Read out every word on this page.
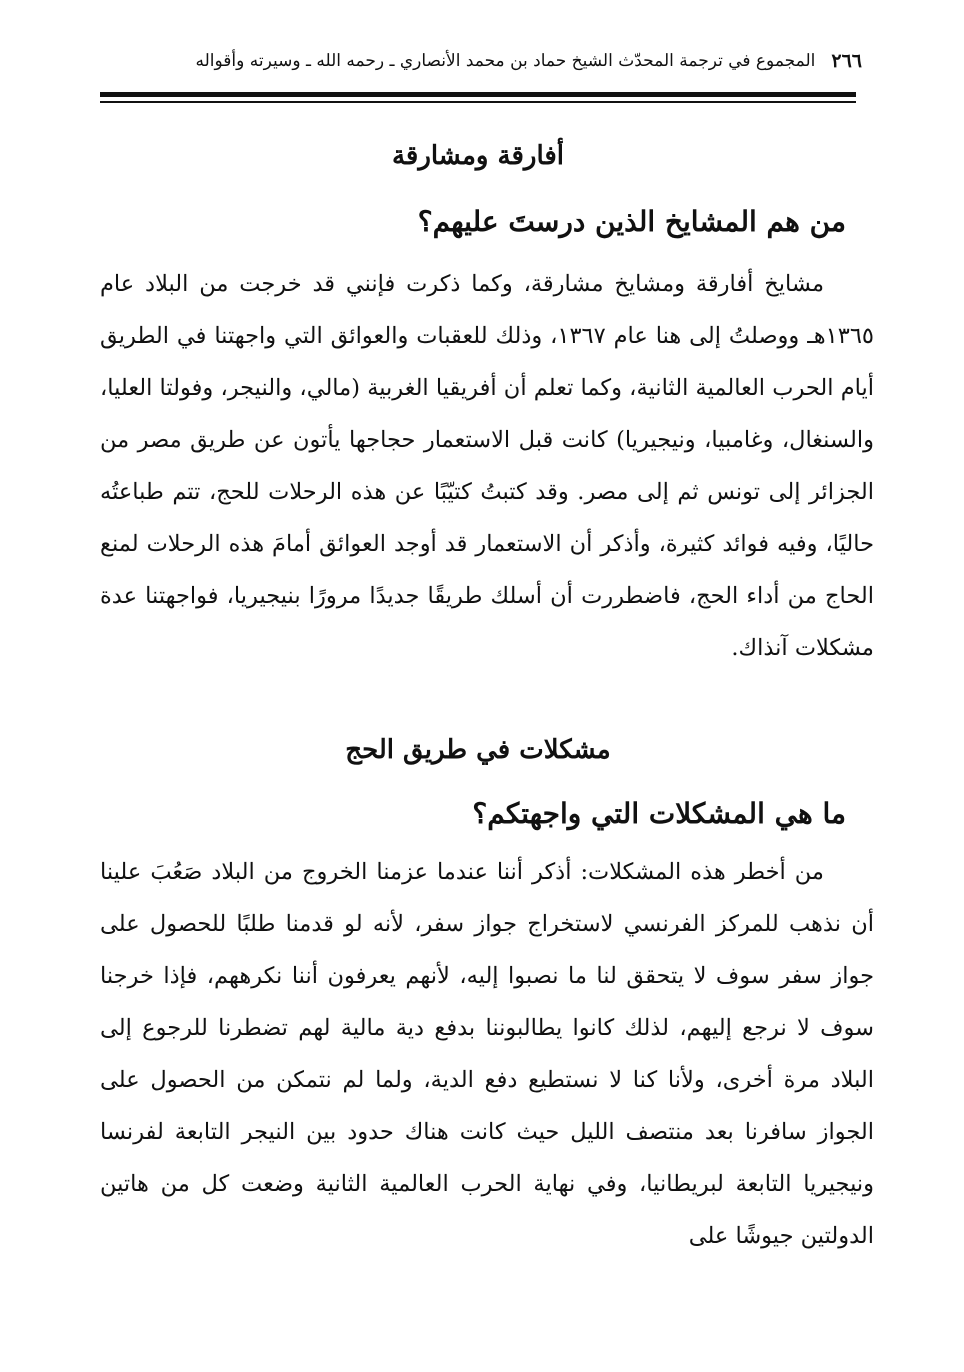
٢٦٦
المجموع في ترجمة المحدّث الشيخ حماد بن محمد الأنصاري ـ رحمه الله ـ وسيرته وأقواله
أفارقة ومشارقة
من هم المشايخ الذين درستَ عليهم؟
مشايخ أفارقة ومشايخ مشارقة، وكما ذكرت فإنني قد خرجت من البلاد عام ١٣٦٥هـ ووصلتُ إلى هنا عام ١٣٦٧، وذلك للعقبات والعوائق التي واجهتنا في الطريق أيام الحرب العالمية الثانية، وكما تعلم أن أفريقيا الغربية (مالي، والنيجر، وفولتا العليا، والسنغال، وغامبيا، ونيجيريا) كانت قبل الاستعمار حجاجها يأتون عن طريق مصر من الجزائر إلى تونس ثم إلى مصر. وقد كتبتُ كتيّبًا عن هذه الرحلات للحج، تتم طباعتُه حاليًا، وفيه فوائد كثيرة، وأذكر أن الاستعمار قد أوجد العوائق أمامَ هذه الرحلات لمنع الحاج من أداء الحج، فاضطررت أن أسلك طريقًا جديدًا مرورًا بنيجيريا، فواجهتنا عدة مشكلات آنذاك.
مشكلات في طريق الحج
ما هي المشكلات التي واجهتكم؟
من أخطر هذه المشكلات: أذكر أننا عندما عزمنا الخروج من البلاد صَعُبَ علينا أن نذهب للمركز الفرنسي لاستخراج جواز سفر، لأنه لو قدمنا طلبًا للحصول على جواز سفر سوف لا يتحقق لنا ما نصبوا إليه، لأنهم يعرفون أننا نكرههم، فإذا خرجنا سوف لا نرجع إليهم، لذلك كانوا يطالبوننا بدفع دية مالية لهم تضطرنا للرجوع إلى البلاد مرة أخرى، ولأنا كنا لا نستطيع دفع الدية، ولما لم نتمكن من الحصول على الجواز سافرنا بعد منتصف الليل حيث كانت هناك حدود بين النيجر التابعة لفرنسا ونيجيريا التابعة لبريطانيا، وفي نهاية الحرب العالمية الثانية وضعت كل من هاتين الدولتين جيوشًا على
